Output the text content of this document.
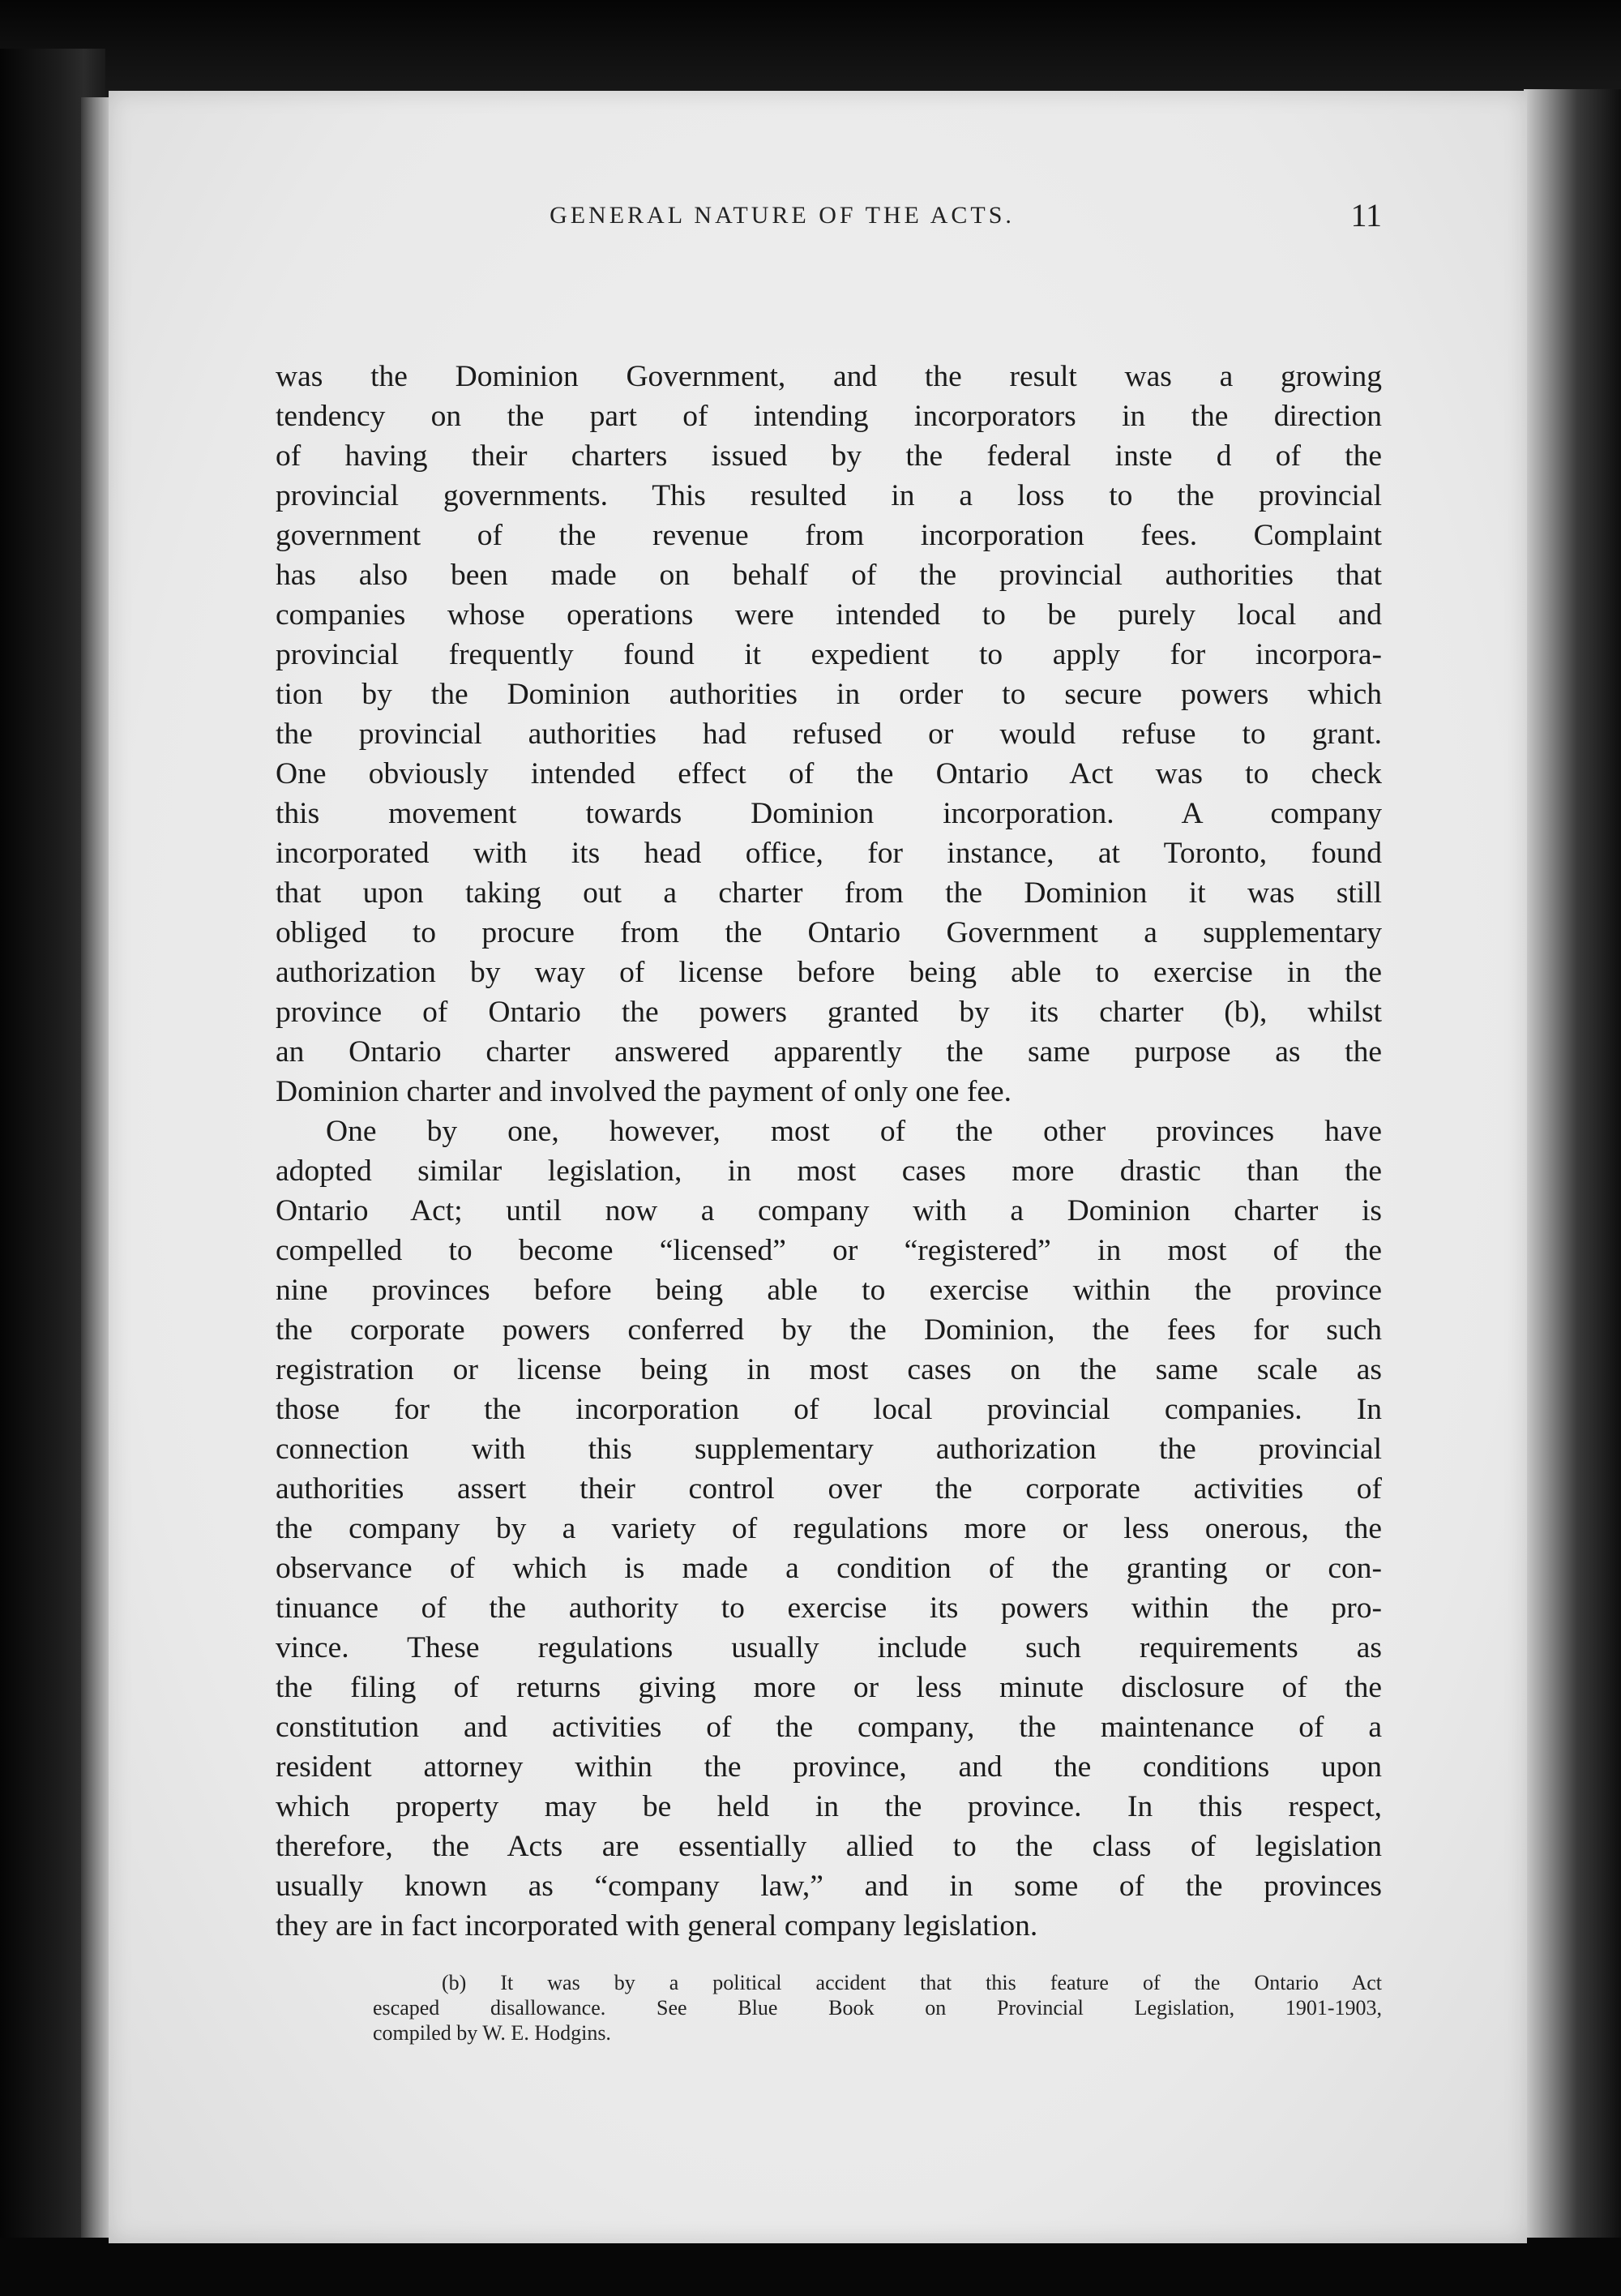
GENERAL NATURE OF THE ACTS.	11
was the Dominion Government, and the result was a growing
tendency on the part of intending incorporators in the direction
of having their charters issued by the federal inste d of the
provincial governments. This resulted in a loss to the provincial
government of the revenue from incorporation fees. Complaint
has also been made on behalf of the provincial authorities that
companies whose operations were intended to be purely local and
provincial frequently found it expedient to apply for incorpora-
tion by the Dominion authorities in order to secure powers which
the provincial authorities had refused or would refuse to grant.
One obviously intended effect of the Ontario Act was to check
this movement towards Dominion incorporation. A company
incorporated with its head office, for instance, at Toronto, found
that upon taking out a charter from the Dominion it was still
obliged to procure from the Ontario Government a supplementary
authorization by way of license before being able to exercise in the
province of Ontario the powers granted by its charter (b), whilst
an Ontario charter answered apparently the same purpose as the
Dominion charter and involved the payment of only one fee.
One by one, however, most of the other provinces have
adopted similar legislation, in most cases more drastic than the
Ontario Act; until now a company with a Dominion charter is
compelled to become “licensed” or “registered” in most of the
nine provinces before being able to exercise within the province
the corporate powers conferred by the Dominion, the fees for such
registration or license being in most cases on the same scale as
those for the incorporation of local provincial companies. In
connection with this supplementary authorization the provincial
authorities assert their control over the corporate activities of
the company by a variety of regulations more or less onerous, the
observance of which is made a condition of the granting or con-
tinuance of the authority to exercise its powers within the pro-
vince. These regulations usually include such requirements as
the filing of returns giving more or less minute disclosure of the
constitution and activities of the company, the maintenance of a
resident attorney within the province, and the conditions upon
which property may be held in the province. In this respect,
therefore, the Acts are essentially allied to the class of legislation
usually known as “company law,” and in some of the provinces
they are in fact incorporated with general company legislation.
(b) It was by a political accident that this feature of the Ontario Act
escaped disallowance. See Blue Book on Provincial Legislation, 1901-1903,
compiled by W. E. Hodgins.
